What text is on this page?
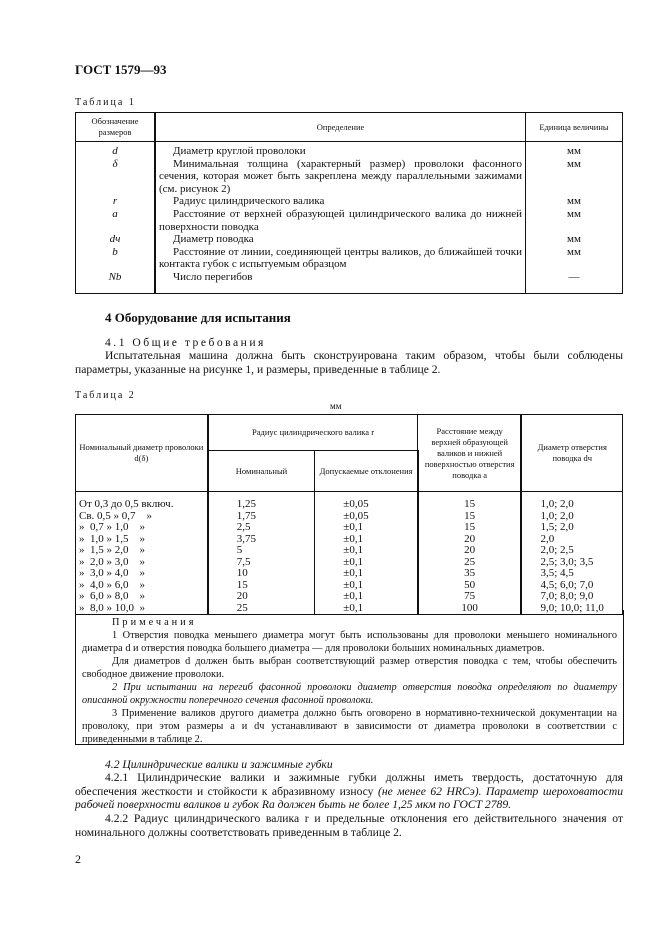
ГОСТ 1579—93
Таблица 1
Обозначение размеров	Определение	Единица величины
d	Диаметр круглой проволоки	мм
δ	Минимальная толщина (характерный размер) проволоки фасонного сечения, которая может быть закреплена между параллельными зажимами (см. рисунок 2)	мм
r	Радиус цилиндрического валика	мм
a	Расстояние от верхней образующей цилиндрического валика до нижней поверхности поводка	мм
dч	Диаметр поводка	мм
b	Расстояние от линии, соединяющей центры валиков, до ближайшей точки контакта губок с испытуемым образцом	мм
Nb	Число перегибов	—
4 Оборудование для испытания
4.1 Общие требования
Испытательная машина должна быть сконструирована таким образом, чтобы были соблюдены параметры, указанные на рисунке 1, и размеры, приведенные в таблице 2.
Таблица 2
мм
Номинальный диаметр проволоки d(δ)	Радиус цилиндрического валика r		Расстояние между верхней образующей валиков и нижней поверхностью отверстия поводка a	Диаметр отверстия поводка dч
	Номинальный	Допускаемые отклонения		
От 0,3 до 0,5 включ.	1,25	±0,05	15	1,0; 2,0
Св. 0,5 » 0,7    »	1,75	±0,05	15	1,0; 2,0
»  0,7 » 1,0    »	2,5	±0,1	15	1,5; 2,0
»  1,0 » 1,5    »	3,75	±0,1	20	2,0
»  1,5 » 2,0    »	5	±0,1	20	2,0; 2,5
»  2,0 » 3,0    »	7,5	±0,1	25	2,5; 3,0; 3,5
»  3,0 » 4,0    »	10	±0,1	35	3,5; 4,5
»  4,0 » 6,0    »	15	±0,1	50	4,5; 6,0; 7,0
»  6,0 » 8,0    »	20	±0,1	75	7,0; 8,0; 9,0
»  8,0 » 10,0  »	25	±0,1	100	9,0; 10,0; 11,0
Примечания
1 Отверстия поводка меньшего диаметра могут быть использованы для проволоки меньшего номинального диаметра d и отверстия поводка большего диаметра — для проволоки больших номинальных диаметров.
Для диаметров d должен быть выбран соответствующий размер отверстия поводка с тем, чтобы обеспечить свободное движение проволоки.
2 При испытании на перегиб фасонной проволоки диаметр отверстия поводка определяют по диаметру описанной окружности поперечного сечения фасонной проволоки.
3 Применение валиков другого диаметра должно быть оговорено в нормативно-технической документации на проволоку, при этом размеры a и dч устанавливают в зависимости от диаметра проволоки в соответствии с приведенными в таблице 2.
4.2 Цилиндрические валики и зажимные губки
4.2.1 Цилиндрические валики и зажимные губки должны иметь твердость, достаточную для обеспечения жесткости и стойкости к абразивному износу (не менее 62 HRCэ). Параметр шероховатости рабочей поверхности валиков и губок Ra должен быть не более 1,25 мкм по ГОСТ 2789.
4.2.2 Радиус цилиндрического валика r и предельные отклонения его действительного значения от номинального должны соответствовать приведенным в таблице 2.
2
